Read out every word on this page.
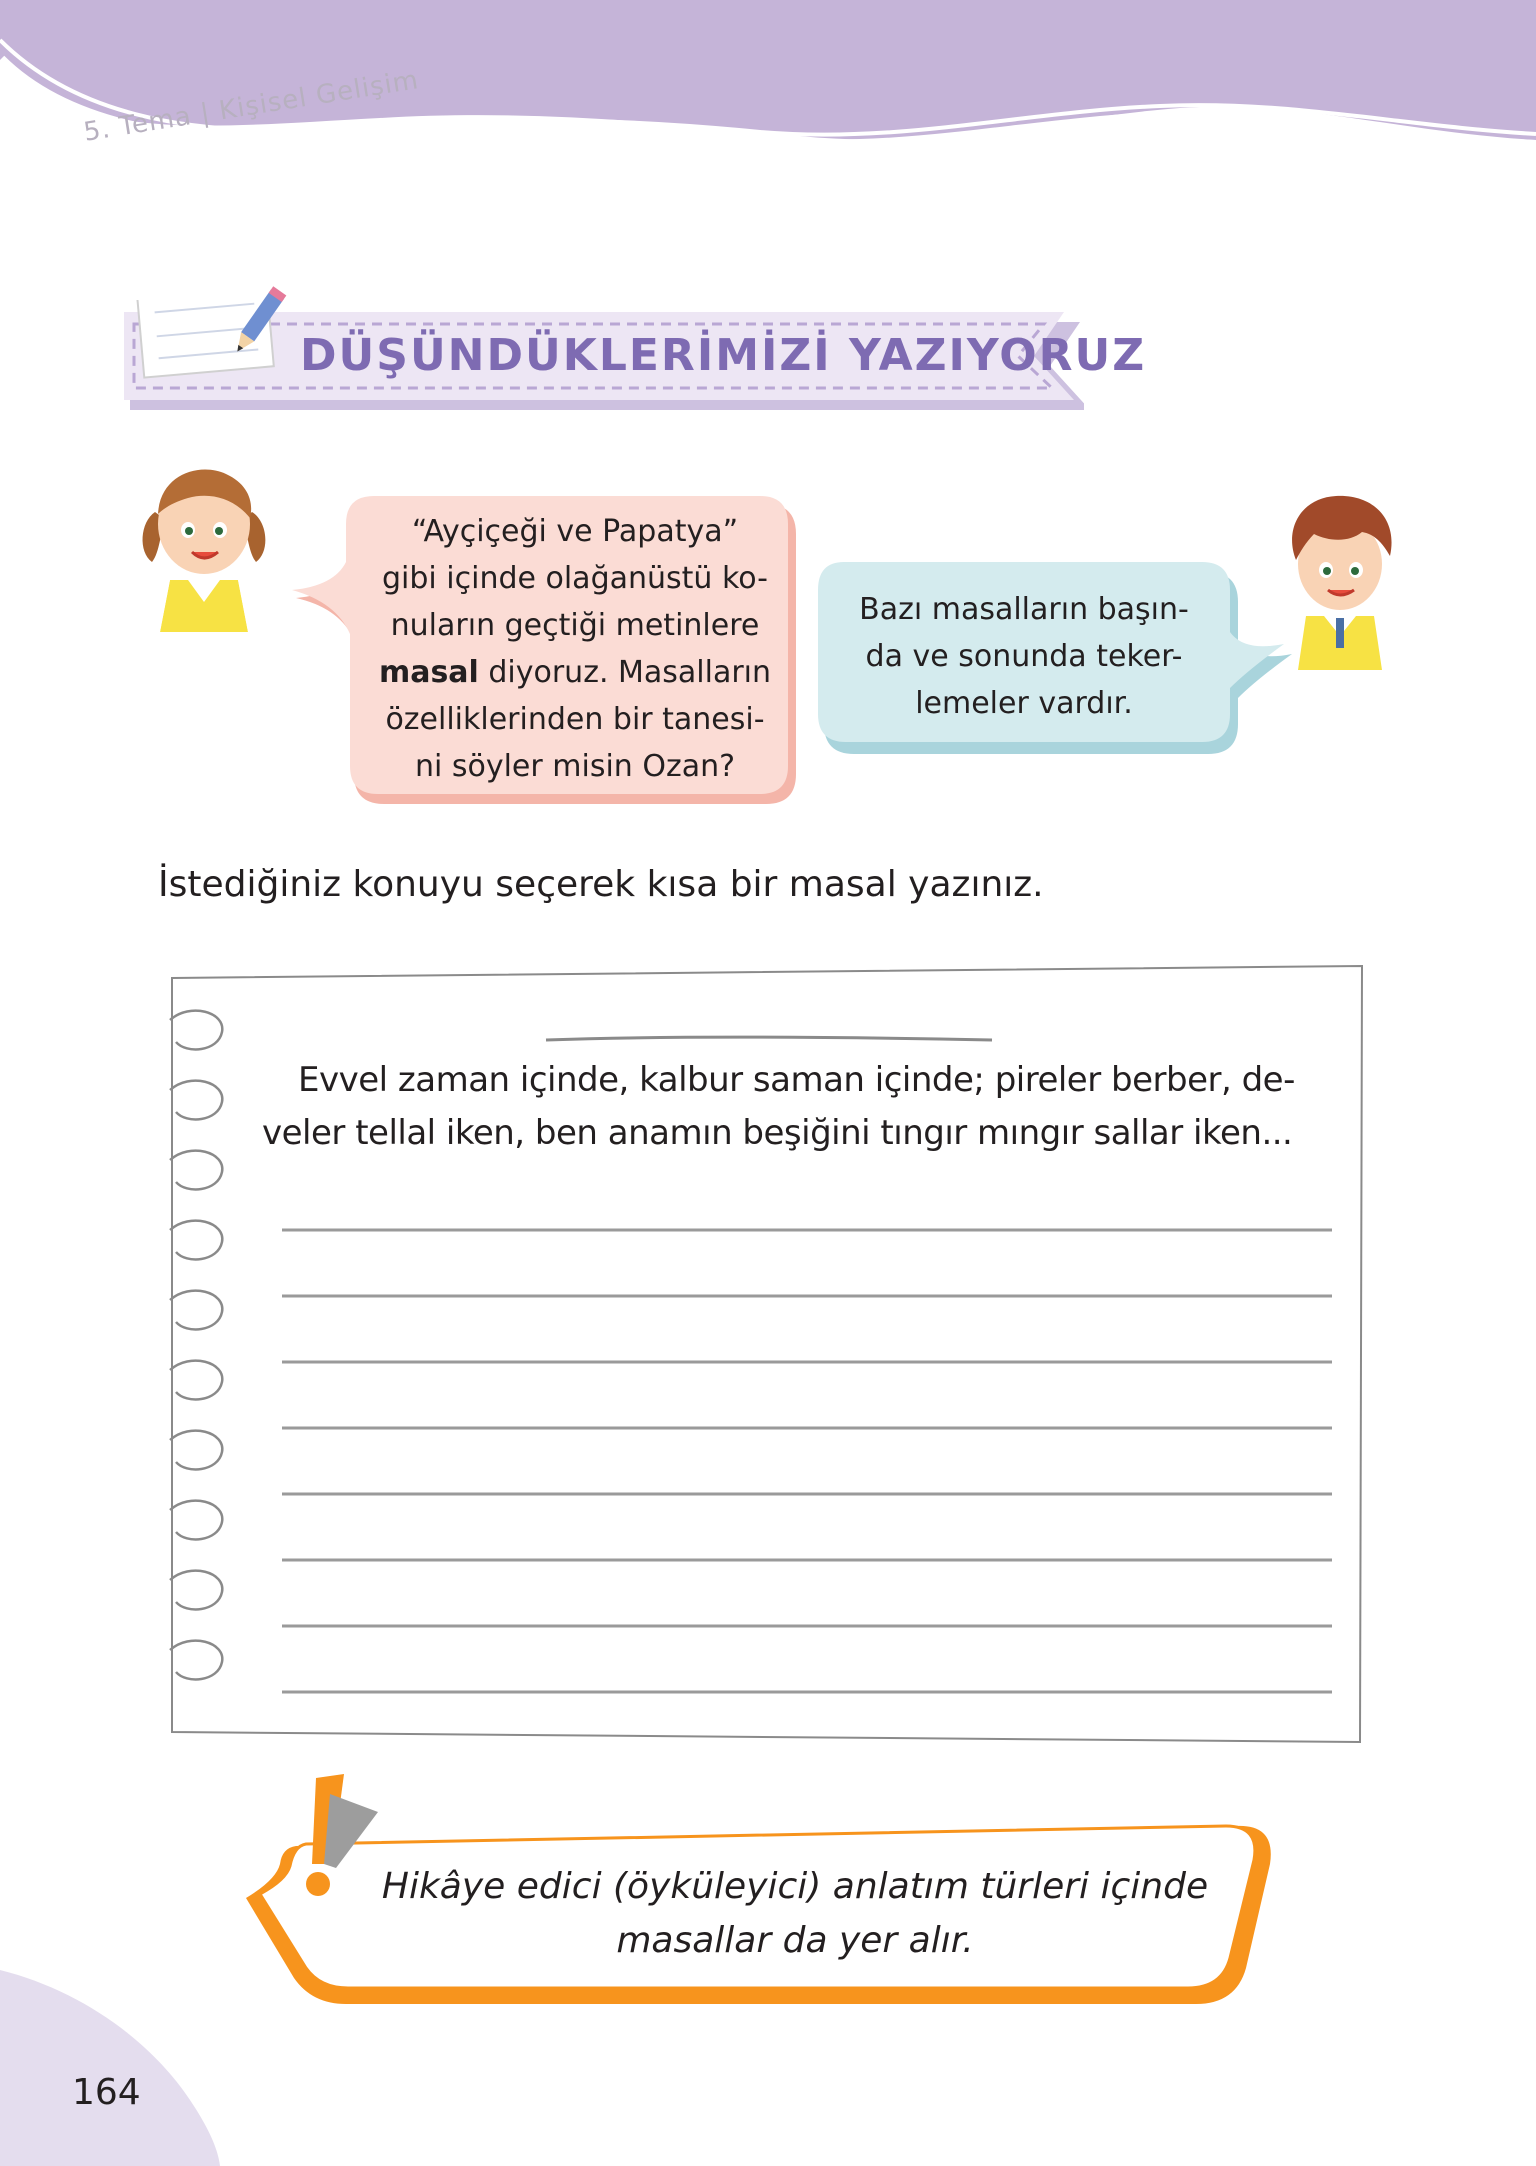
5. Tema | Kişisel Gelişim
DÜŞÜNDÜKLERİMİZİ YAZIYORUZ
“Ayçiçeği ve Papatya”
gibi içinde olağanüstü ko-
nuların geçtiği metinlere
masal diyoruz. Masalların
özelliklerinden bir tanesi-
ni söyler misin Ozan?
Bazı masalların başın-
da ve sonunda teker-
lemeler vardır.
İstediğiniz konuyu seçerek kısa bir masal yazınız.
Evvel zaman içinde, kalbur saman içinde; pireler berber, de-
veler tellal iken, ben anamın beşiğini tıngır mıngır sallar iken...
Hikâye edici (öyküleyici) anlatım türleri içinde
masallar da yer alır.
164
